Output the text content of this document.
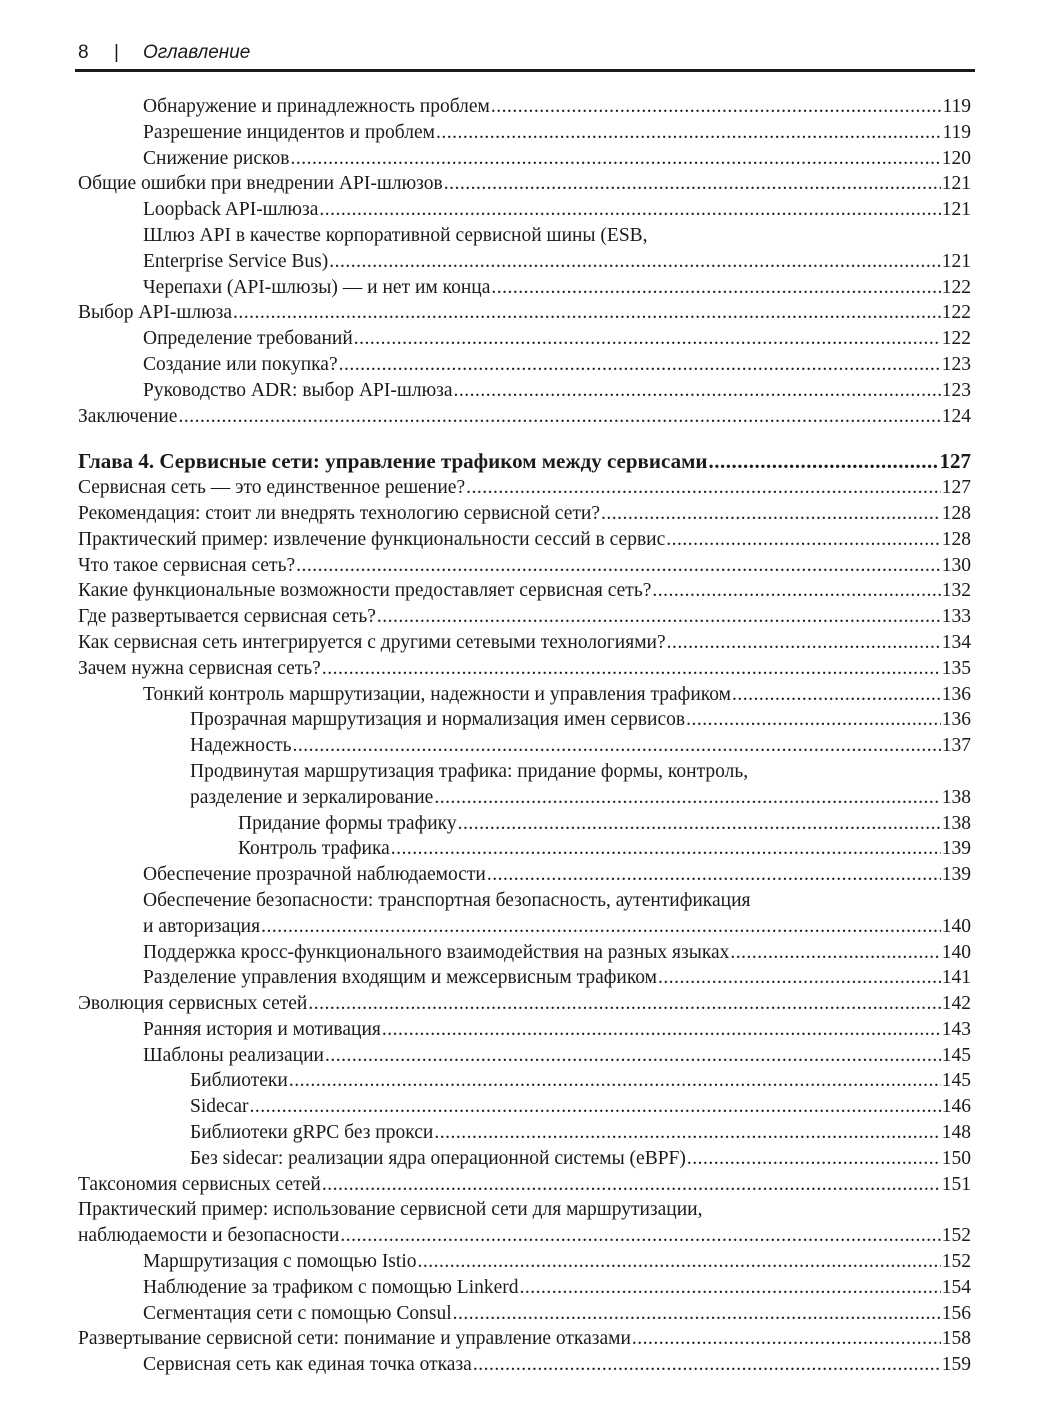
8 | Оглавление
Обнаружение и принадлежность проблем .....	119
Разрешение инцидентов и проблем .....	119
Снижение рисков .....	120
Общие ошибки при внедрении API-шлюзов .....	121
Loopback API-шлюза .....	121
Шлюз API в качестве корпоративной сервисной шины (ESB,
Enterprise Service Bus) .....	121
Черепахи (API-шлюзы) — и нет им конца .....	122
Выбор API-шлюза .....	122
Определение требований .....	122
Создание или покупка? .....	123
Руководство ADR: выбор API-шлюза .....	123
Заключение .....	124
Глава 4. Сервисные сети: управление трафиком между сервисами .....	127
Сервисная сеть — это единственное решение? .....	127
Рекомендация: стоит ли внедрять технологию сервисной сети? .....	128
Практический пример: извлечение функциональности сессий в сервис .....	128
Что такое сервисная сеть? .....	130
Какие функциональные возможности предоставляет сервисная сеть? .....	132
Где развертывается сервисная сеть? .....	133
Как сервисная сеть интегрируется с другими сетевыми технологиями? .....	134
Зачем нужна сервисная сеть? .....	135
Тонкий контроль маршрутизации, надежности и управления трафиком .....	136
Прозрачная маршрутизация и нормализация имен сервисов .....	136
Надежность .....	137
Продвинутая маршрутизация трафика: придание формы, контроль,
разделение и зеркалирование .....	138
Придание формы трафику .....	138
Контроль трафика .....	139
Обеспечение прозрачной наблюдаемости .....	139
Обеспечение безопасности: транспортная безопасность, аутентификация
и авторизация .....	140
Поддержка кросс-функционального взаимодействия на разных языках .....	140
Разделение управления входящим и межсервисным трафиком .....	141
Эволюция сервисных сетей .....	142
Ранняя история и мотивация .....	143
Шаблоны реализации .....	145
Библиотеки .....	145
Sidecar .....	146
Библиотеки gRPC без прокси .....	148
Без sidecar: реализации ядра операционной системы (eBPF) .....	150
Таксономия сервисных сетей .....	151
Практический пример: использование сервисной сети для маршрутизации,
наблюдаемости и безопасности .....	152
Маршрутизация с помощью Istio .....	152
Наблюдение за трафиком с помощью Linkerd .....	154
Сегментация сети с помощью Consul .....	156
Развертывание сервисной сети: понимание и управление отказами .....	158
Сервисная сеть как единая точка отказа .....	159
